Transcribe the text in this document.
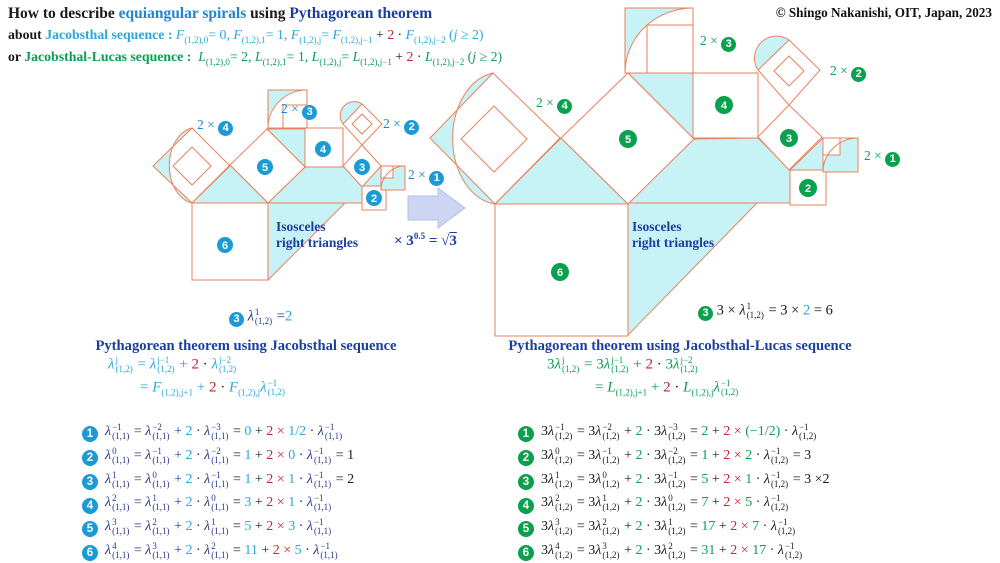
How to describe equiangular spirals using Pythagorean theorem
about Jacobsthal sequence : $F_{(1,2),0}= 0$, $F_{(1,2),1}= 1$, $F_{(1,2),j}= F_{(1,2),j-1} + 2 \cdot F_{(1,2),j-2}$ (j ≥ 2)
or Jacobsthal-Lucas sequence :  $L_{(1,2),0}= 2$, $L_{(1,2),1}= 1$, $L_{(1,2),j}= L_{(1,2),j-1} + 2 \cdot L_{(1,2),j-2}$ (j ≥ 2)
© Shingo Nakanishi, OIT, Japan, 2023
6
5
4
3
2
2 × 4
2 × 3
2 × 2
2 × 1
Isosceles
right triangles
3 λ 1
(1,2) =2
× $3^{0.5} = √3$
6
5
4
3
2
2 × 4
2 × 3
2 × 2
2 × 1
Isosceles
right triangles
3 3 × λ 1
(1,2) = 3 × 2 = 6
Pythagorean theorem using Jacobsthal sequence
λ j
(1,2) = λ j−1
(1,2) + 2 · λ j−2
(1,2)
= $F_{(1,2),j+1} + 2 \cdot F_{(1,2),j}\lambda -1$
(1,2)
Pythagorean theorem using Jacobsthal-Lucas sequence
3λ j
(1,2) = 3λ j−1
(1,2) + 2 · 3λ j−2
(1,2)
= $L_{(1,2),j+1} + 2 \cdot L_{(1,2),j}\lambda -1$
(1,2)
1 λ −1
(1,1) = λ −2
(1,1) + 2 · λ −3
(1,1) = 0 + 2 × 1/2 · λ −1
(1,1)
2 λ 0
(1,1) = λ −1
(1,1) + 2 · λ −2
(1,1) = 1 + 2 × 0 · λ −1
(1,1) = 1
3 λ 1
(1,1) = λ 0
(1,1) + 2 · λ −1
(1,1) = 1 + 2 × 1 · λ −1
(1,1) = 2
4 λ 2
(1,1) = λ 1
(1,1) + 2 · λ 0
(1,1) = 3 + 2 × 1 · λ −1
(1,1)
5 λ 3
(1,1) = λ 2
(1,1) + 2 · λ 1
(1,1) = 5 + 2 × 3 · λ −1
(1,1)
6 λ 4
(1,1) = λ 3
(1,1) + 2 · λ 2
(1,1) = 11 + 2 × 5 · λ −1
(1,1)
1 3λ −1
(1,2) = 3λ −2
(1,2) + 2 · 3λ −3
(1,2) = 2 + 2 × (−1/2) · λ −1
(1,2)
2 3λ 0
(1,2) = 3λ −1
(1,2) + 2 · 3λ −2
(1,2) = 1 + 2 × 2 · λ −1
(1,2) = 3
3 3λ 1
(1,2) = 3λ 0
(1,2) + 2 · 3λ −1
(1,2) = 5 + 2 × 1 · λ −1
(1,2) = 3 ×2
4 3λ 2
(1,2) = 3λ 1
(1,2) + 2 · 3λ 0
(1,2) = 7 + 2 × 5 · λ −1
(1,2)
5 3λ 3
(1,2) = 3λ 2
(1,2) + 2 · 3λ 1
(1,2) = 17 + 2 × 7 · λ −1
(1,2)
6 3λ 4
(1,2) = 3λ 3
(1,2) + 2 · 3λ 2
(1,2) = 31 + 2 × 17 · λ −1
(1,2)
